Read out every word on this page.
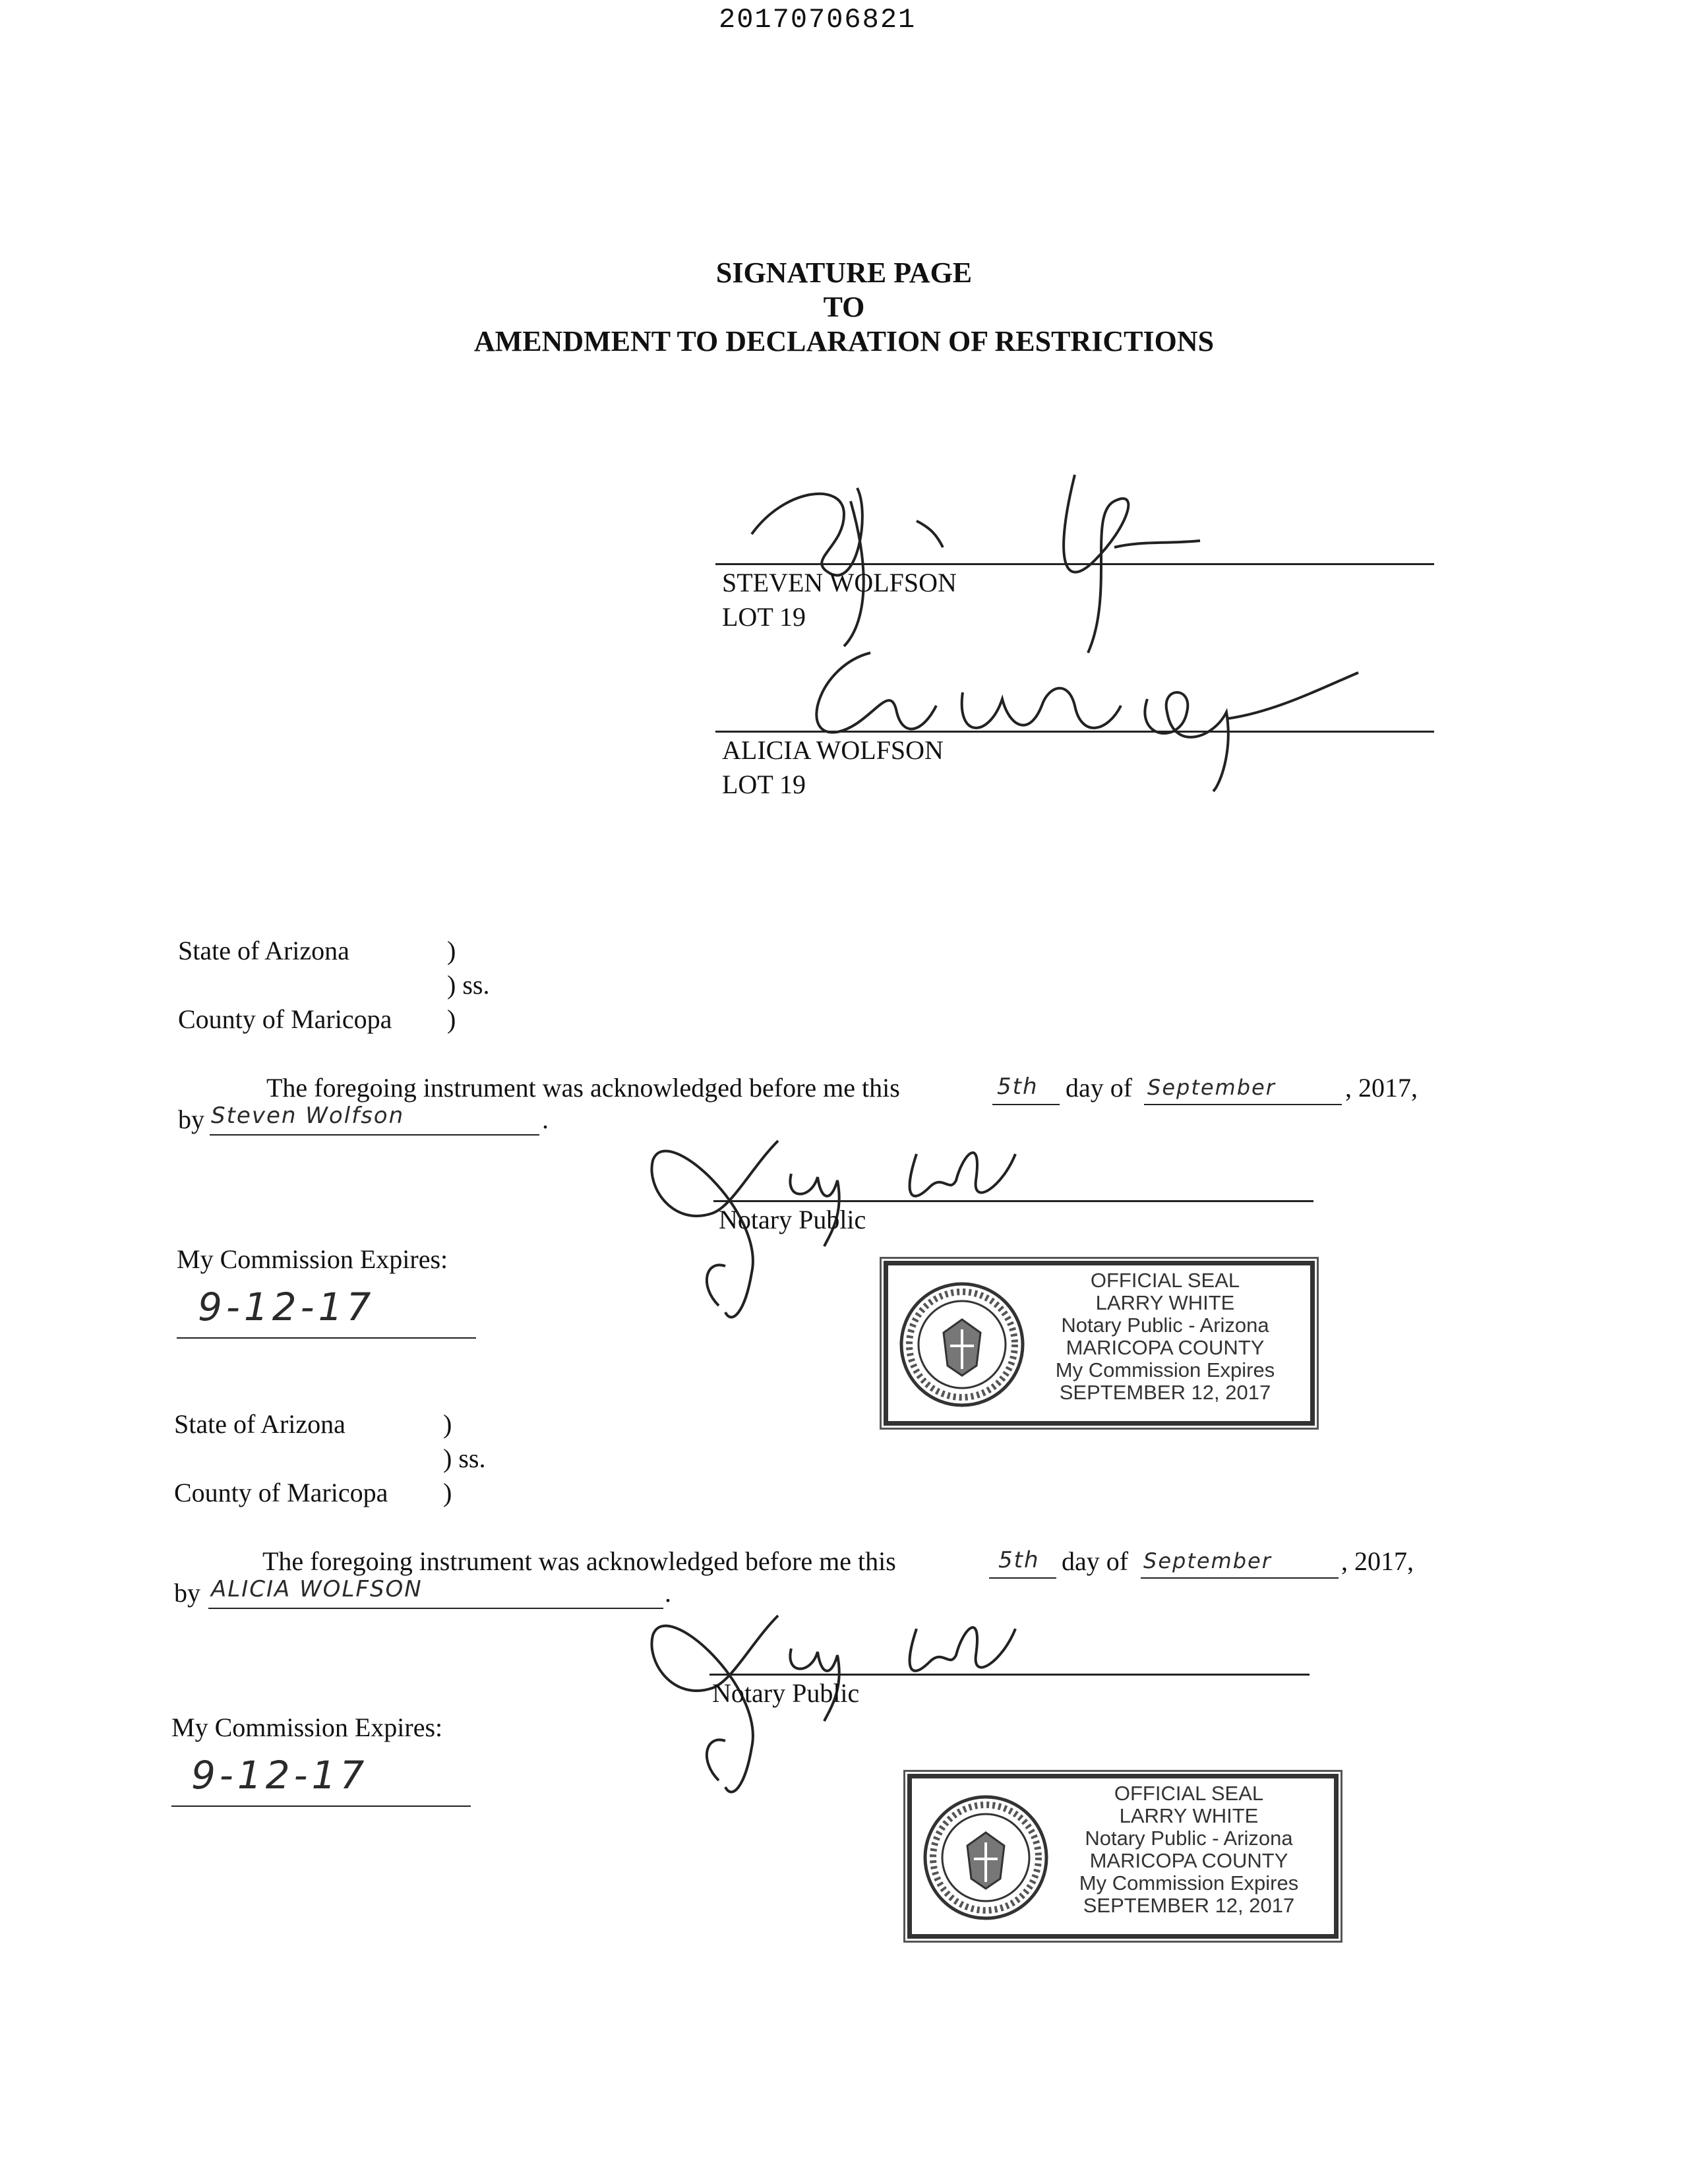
20170706821
SIGNATURE PAGE
TO
AMENDMENT TO DECLARATION OF RESTRICTIONS
STEVEN WOLFSON
LOT 19
ALICIA WOLFSON
LOT 19
State of Arizona	)
) ss.
County of Maricopa )
The foregoing instrument was acknowledged before me this	5th day of September	, 2017,
by Steven Wolfson	.
Notary Public
My Commission Expires:
9-12-17
OFFICIAL SEAL
LARRY WHITE
Notary Public - Arizona
MARICOPA COUNTY
My Commission Expires
SEPTEMBER 12, 2017
State of Arizona	)
) ss.
County of Maricopa )
The foregoing instrument was acknowledged before me this	5th day of September	, 2017,
by ALICIA WOLFSON	.
Notary Public
My Commission Expires:
9-12-17	OFFICIAL SEAL
LARRY WHITE
Notary Public - Arizona
MARICOPA COUNTY
My Commission Expires
SEPTEMBER 12, 2017
